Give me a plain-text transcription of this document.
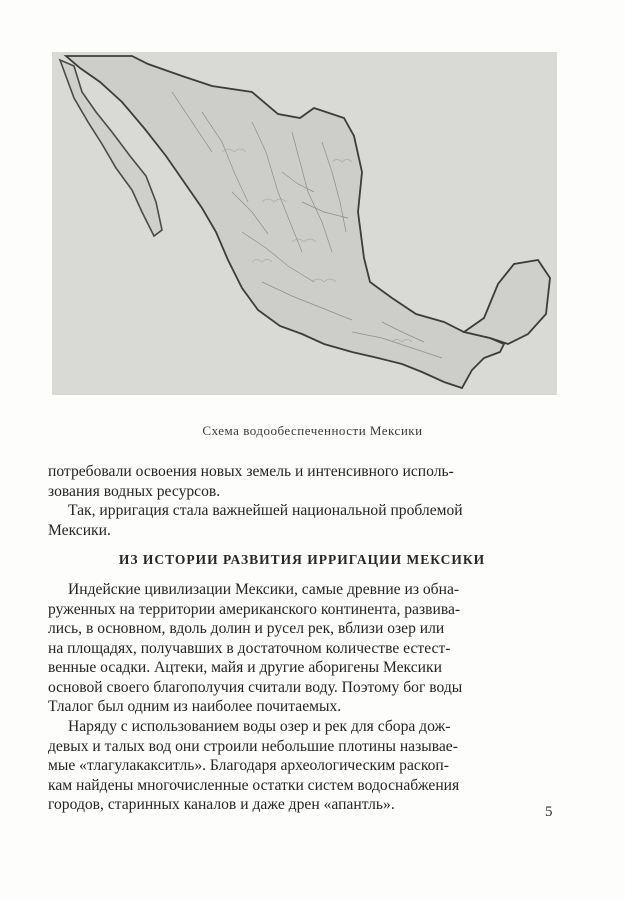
Схема водообеспеченности Мексики

потребовали освоения новых земель и интенсивного исполь-
зования водных ресурсов.

Так, ирригация стала важнейшей национальной проблемой
Мексики.

ИЗ ИСТОРИИ РАЗВИТИЯ ИРРИГАЦИИ МЕКСИКИ

Индейские цивилизации Мексики, самые древние из обна-
руженных на территории американского континента, развива-
лись, в основном, вдоль долин и русел рек, вблизи озер или
на площадях, получавших в достаточном количестве естест-
венные осадки. Ацтеки, майя и другие аборигены Мексики
основой своего благополучия считали воду. Поэтому бог воды
Тлалог был одним из наиболее почитаемых.

Наряду с использованием воды озер и рек для сбора дож-
девых и талых вод они строили небольшие плотины называе-
мые «тлагулакакситль». Благодаря археологическим раскоп-
кам найдены многочисленные остатки систем водоснабжения
городов, старинных каналов и даже дрен «апантль».	5
